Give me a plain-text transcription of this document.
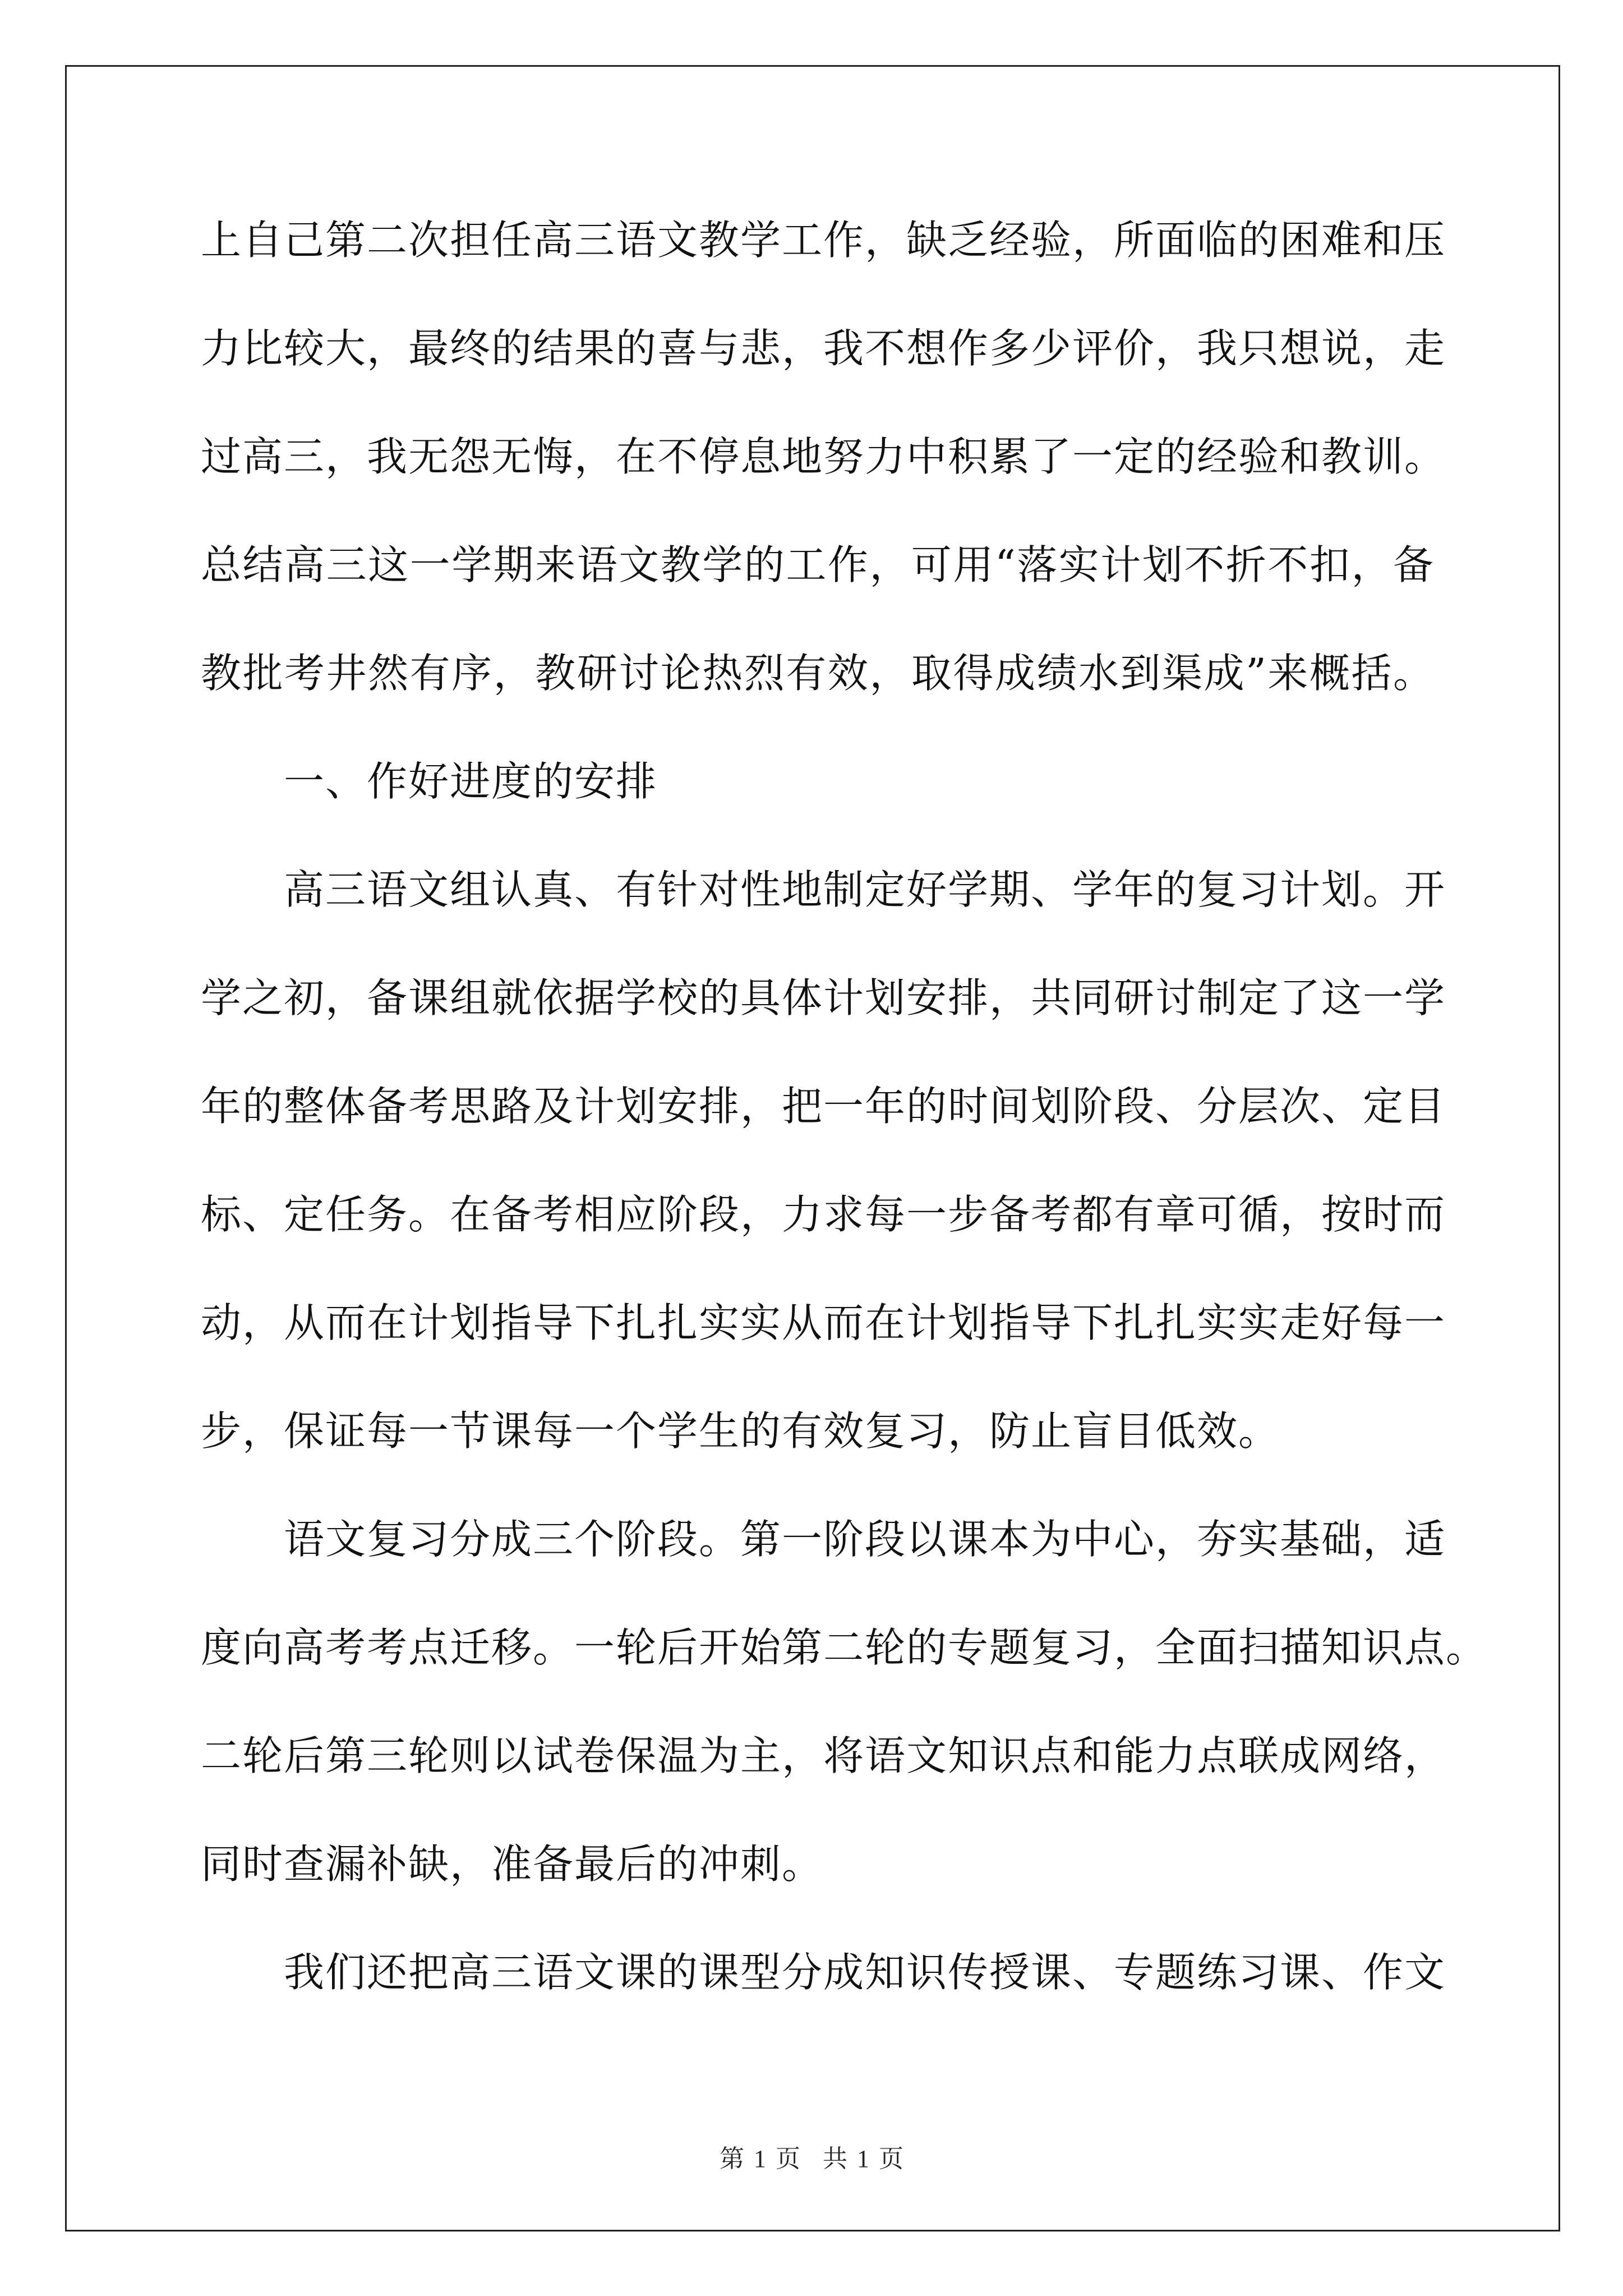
上自己第二次担任高三语文教学工作，缺乏经验，所面临的困难和压
力比较大，最终的结果的喜与悲，我不想作多少评价，我只想说，走
过高三，我无怨无悔，在不停息地努力中积累了一定的经验和教训。
总结高三这一学期来语文教学的工作，可用“落实计划不折不扣，备
教批考井然有序，教研讨论热烈有效，取得成绩水到渠成”来概括。
一、作好进度的安排
高三语文组认真、有针对性地制定好学期、学年的复习计划。开
学之初，备课组就依据学校的具体计划安排，共同研讨制定了这一学
年的整体备考思路及计划安排，把一年的时间划阶段、分层次、定目
标、定任务。在备考相应阶段，力求每一步备考都有章可循，按时而
动，从而在计划指导下扎扎实实从而在计划指导下扎扎实实走好每一
步，保证每一节课每一个学生的有效复习，防止盲目低效。
语文复习分成三个阶段。第一阶段以课本为中心，夯实基础，适
度向高考考点迁移。一轮后开始第二轮的专题复习，全面扫描知识点。
二轮后第三轮则以试卷保温为主，将语文知识点和能力点联成网络，
同时查漏补缺，准备最后的冲刺。
我们还把高三语文课的课型分成知识传授课、专题练习课、作文
第 1 页 共 1 页
